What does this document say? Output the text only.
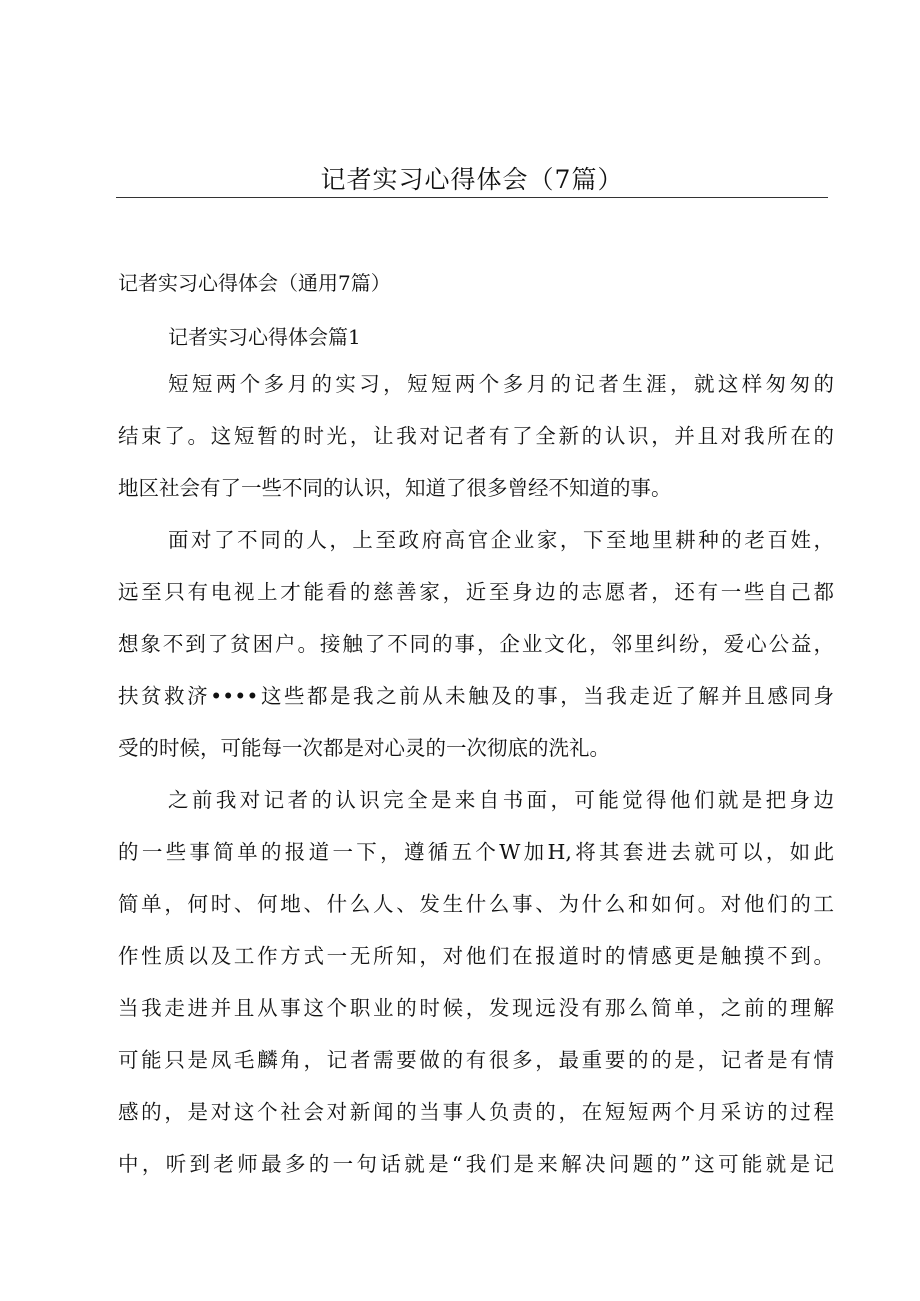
记者实习心得体会（7篇）

记者实习心得体会（通用7篇）

记者实习心得体会篇1

短短两个多月的实习，短短两个多月的记者生涯，就这样匆匆的
结束了。这短暂的时光，让我对记者有了全新的认识，并且对我所在的
地区社会有了一些不同的认识，知道了很多曾经不知道的事。
面对了不同的人，上至政府高官企业家，下至地里耕种的老百姓，
远至只有电视上才能看的慈善家，近至身边的志愿者，还有一些自己都
想象不到了贫困户。接触了不同的事，企业文化，邻里纠纷，爱心公益，
扶贫救济••••这些都是我之前从未触及的事，当我走近了解并且感同身
受的时候，可能每一次都是对心灵的一次彻底的洗礼。
之前我对记者的认识完全是来自书面，可能觉得他们就是把身边
的一些事简单的报道一下，遵循五个W加H,将其套进去就可以，如此
简单，何时、何地、什么人、发生什么事、为什么和如何。对他们的工
作性质以及工作方式一无所知，对他们在报道时的情感更是触摸不到。
当我走进并且从事这个职业的时候，发现远没有那么简单，之前的理解
可能只是凤毛麟角，记者需要做的有很多，最重要的的是，记者是有情
感的，是对这个社会对新闻的当事人负责的，在短短两个月采访的过程
中，听到老师最多的一句话就是“我们是来解决问题的”这可能就是记
